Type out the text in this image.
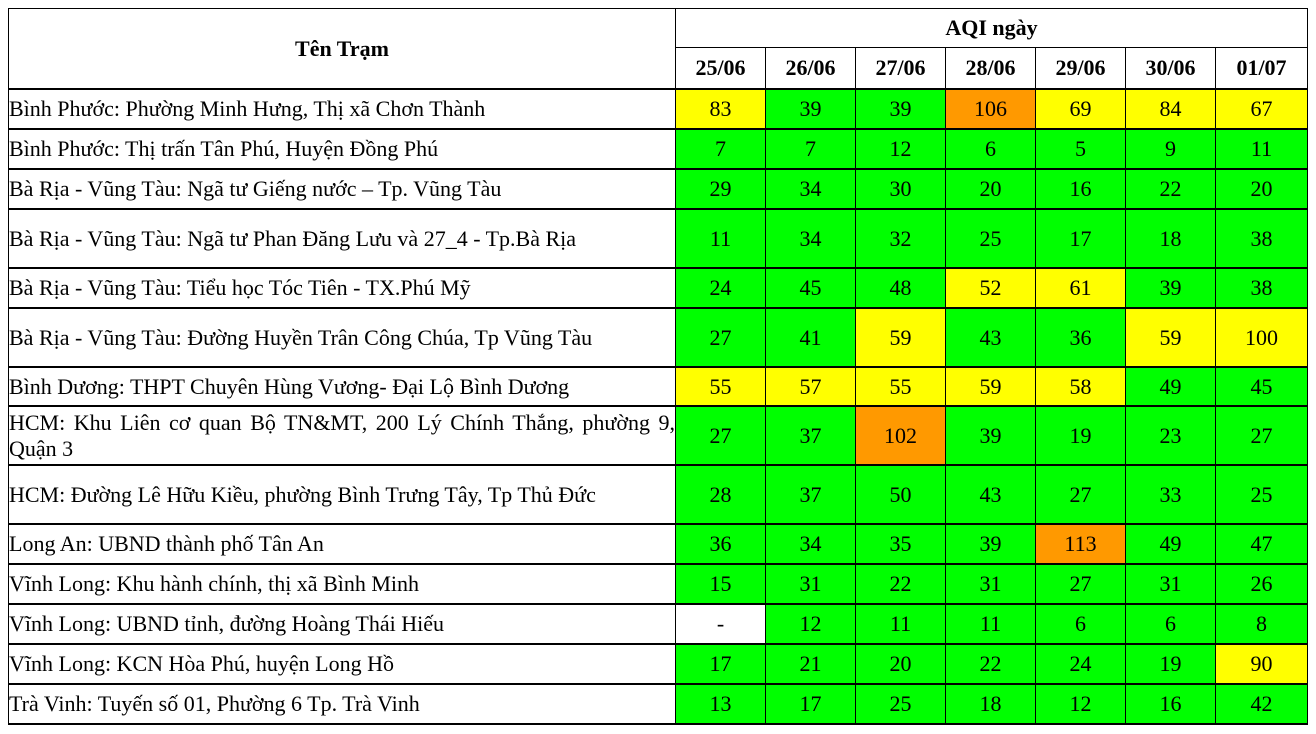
Tên Trạm	AQI ngày						
	25/06	26/06	27/06	28/06	29/06	30/06	01/07
Bình Phước: Phường Minh Hưng, Thị xã Chơn Thành	83	39	39	106	69	84	67
Bình Phước: Thị trấn Tân Phú, Huyện Đồng Phú	7	7	12	6	5	9	11
Bà Rịa - Vũng Tàu: Ngã tư Giếng nước – Tp. Vũng Tàu	29	34	30	20	16	22	20
Bà Rịa - Vũng Tàu: Ngã tư Phan Đăng Lưu và 27_4 - Tp.Bà Rịa	11	34	32	25	17	18	38
Bà Rịa - Vũng Tàu: Tiểu học Tóc Tiên - TX.Phú Mỹ	24	45	48	52	61	39	38
Bà Rịa - Vũng Tàu: Đường Huyền Trân Công Chúa, Tp Vũng Tàu	27	41	59	43	36	59	100
Bình Dương: THPT Chuyên Hùng Vương- Đại Lộ Bình Dương	55	57	55	59	58	49	45
HCM: Khu Liên cơ quan Bộ TN&MT, 200 Lý Chính Thắng, phường 9, Quận 3	27	37	102	39	19	23	27
HCM: Đường Lê Hữu Kiều, phường Bình Trưng Tây, Tp Thủ Đức	28	37	50	43	27	33	25
Long An: UBND thành phố Tân An	36	34	35	39	113	49	47
Vĩnh Long: Khu hành chính, thị xã Bình Minh	15	31	22	31	27	31	26
Vĩnh Long: UBND tỉnh, đường Hoàng Thái Hiếu	-	12	11	11	6	6	8
Vĩnh Long: KCN Hòa Phú, huyện Long Hồ	17	21	20	22	24	19	90
Trà Vinh: Tuyến số 01, Phường 6 Tp. Trà Vinh	13	17	25	18	12	16	42
